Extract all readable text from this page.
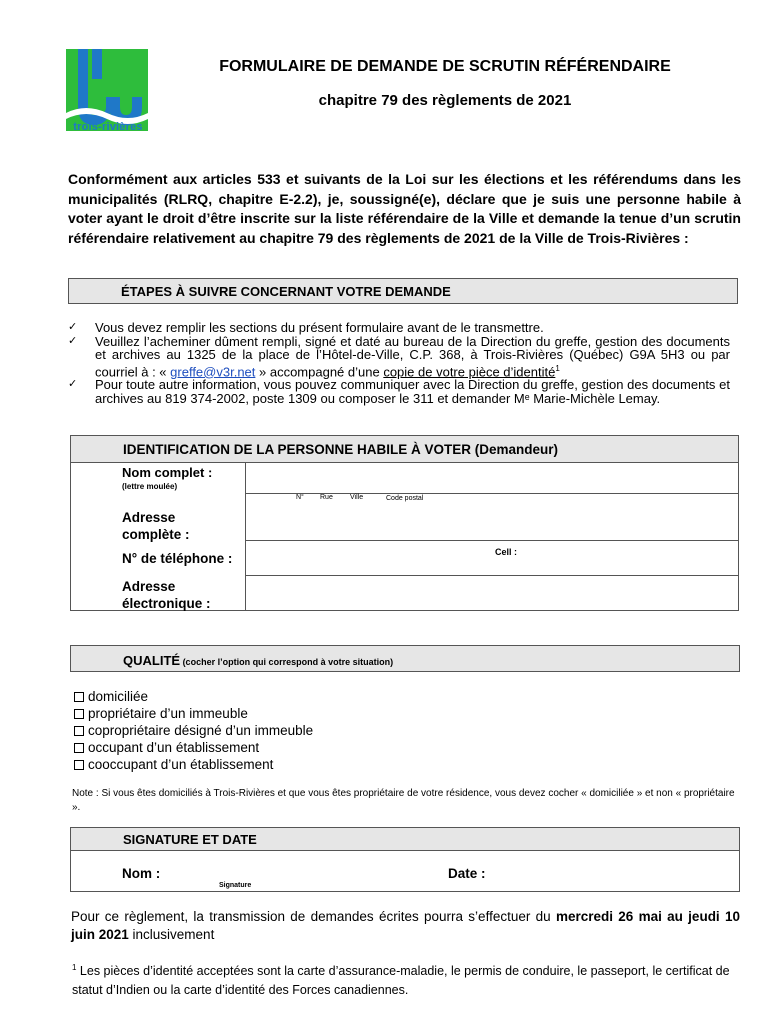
trois-rivières
FORMULAIRE DE DEMANDE DE SCRUTIN RÉFÉRENDAIRE
chapitre 79 des règlements de 2021
Conformément aux articles 533 et suivants de la Loi sur les élections et les référendums dans les municipalités (RLRQ, chapitre E-2.2), je, soussigné(e), déclare que je suis une personne habile à voter ayant le droit d’être inscrite sur la liste référendaire de la Ville et demande la tenue d’un scrutin référendaire relativement au chapitre 79 des règlements de 2021 de la Ville de Trois-Rivières :
ÉTAPES À SUIVRE CONCERNANT VOTRE DEMANDE
✓ Vous devez remplir les sections du présent formulaire avant de le transmettre.
✓ Veuillez l’acheminer dûment rempli, signé et daté au bureau de la Direction du greffe, gestion des documents et archives au 1325 de la place de l’Hôtel-de-Ville, C.P. 368, à Trois-Rivières (Québec) G9A 5H3 ou par courriel à : « greffe@v3r.net » accompagné d’une copie de votre pièce d’identité$^1$
✓ Pour toute autre information, vous pouvez communiquer avec la Direction du greffe, gestion des documents et archives au 819 374-2002, poste 1309 ou composer le 311 et demander Mᵉ Marie-Michèle Lemay.
IDENTIFICATION DE LA PERSONNE HABILE À VOTER (Demandeur)
Nom complet :
(lettre moulée)
N° Rue Ville	Code postal
Adresse complète :
N° de téléphone :	Cell :
Adresse électronique :
QUALITÉ (cocher l’option qui correspond à votre situation)
domiciliée
propriétaire d’un immeuble
copropriétaire désigné d’un immeuble
occupant d’un établissement
cooccupant d’un établissement
Note : Si vous êtes domiciliés à Trois-Rivières et que vous êtes propriétaire de votre résidence, vous devez cocher « domiciliée » et non « propriétaire ».
SIGNATURE ET DATE
Nom :	Date :
Signature
Pour ce règlement, la transmission de demandes écrites pourra s’effectuer du mercredi 26 mai au jeudi 10 juin 2021 inclusivement
$^1$ Les pièces d’identité acceptées sont la carte d’assurance-maladie, le permis de conduire, le passeport, le certificat de statut d’Indien ou la carte d’identité des Forces canadiennes.
